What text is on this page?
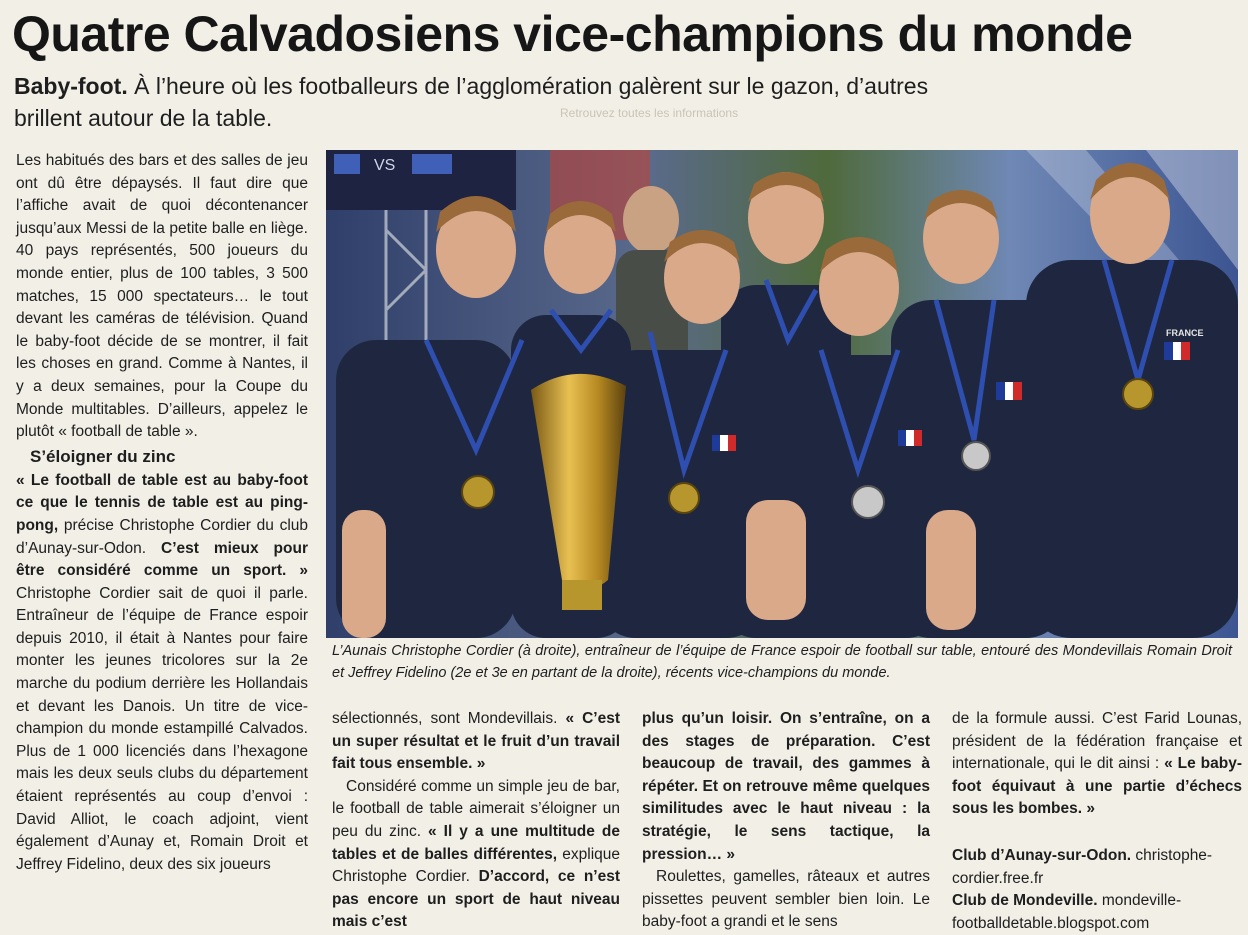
Retrouvez toutes les informations
Quatre Calvadosiens vice-champions du monde
Baby-foot. À l’heure où les footballeurs de l’agglomération galèrent sur le gazon, d’autres brillent autour de la table.

Les habitués des bars et des salles de jeu ont dû être dépaysés. Il faut dire que l’affiche avait de quoi décontenancer jusqu’aux Messi de la petite balle en liège. 40 pays représentés, 500 joueurs du monde entier, plus de 100 tables, 3 500 matches, 15 000 spectateurs… le tout devant les caméras de télévision. Quand le baby-foot décide de se montrer, il fait les choses en grand. Comme à Nantes, il y a deux semaines, pour la Coupe du Monde multitables. D’ailleurs, appelez le plutôt « football de table ».

S’éloigner du zinc

« Le football de table est au baby-foot ce que le tennis de table est au ping-pong, précise Christophe Cordier du club d’Aunay-sur-Odon. C’est mieux pour être considéré comme un sport. » Christophe Cordier sait de quoi il parle. Entraîneur de l’équipe de France espoir depuis 2010, il était à Nantes pour faire monter les jeunes tricolores sur la 2e marche du podium derrière les Hollandais et devant les Danois. Un titre de vice-champion du monde estampillé Calvados. Plus de 1 000 licenciés dans l’hexagone mais les deux seuls clubs du département étaient représentés au coup d’envoi : David Alliot, le coach adjoint, vient également d’Aunay et, Romain Droit et Jeffrey Fidelino, deux des six joueurs

VS
FRANCE
L’Aunais Christophe Cordier (à droite), entraîneur de l’équipe de France espoir de football sur table, entouré des Mondevillais Romain Droit et Jeffrey Fidelino (2e et 3e en partant de la droite), récents vice-champions du monde.

sélectionnés, sont Mondevillais. « C’est un super résultat et le fruit d’un travail fait tous ensemble. »

Considéré comme un simple jeu de bar, le football de table aimerait s’éloigner un peu du zinc. « Il y a une multitude de tables et de balles différentes, explique Christophe Cordier. D’accord, ce n’est pas encore un sport de haut niveau mais c’est

plus qu’un loisir. On s’entraîne, on a des stages de préparation. C’est beaucoup de travail, des gammes à répéter. Et on retrouve même quelques similitudes avec le haut niveau : la stratégie, le sens tactique, la pression… »

Roulettes, gamelles, râteaux et autres pissettes peuvent sembler bien loin. Le baby-foot a grandi et le sens

de la formule aussi. C’est Farid Lounas, président de la fédération française et internationale, qui le dit ainsi : « Le baby-foot équivaut à une partie d’échecs sous les bombes. »

Club d’Aunay-sur-Odon. christophe-cordier.free.fr
Club de Mondeville. mondeville-footballdetable.blogspot.com
